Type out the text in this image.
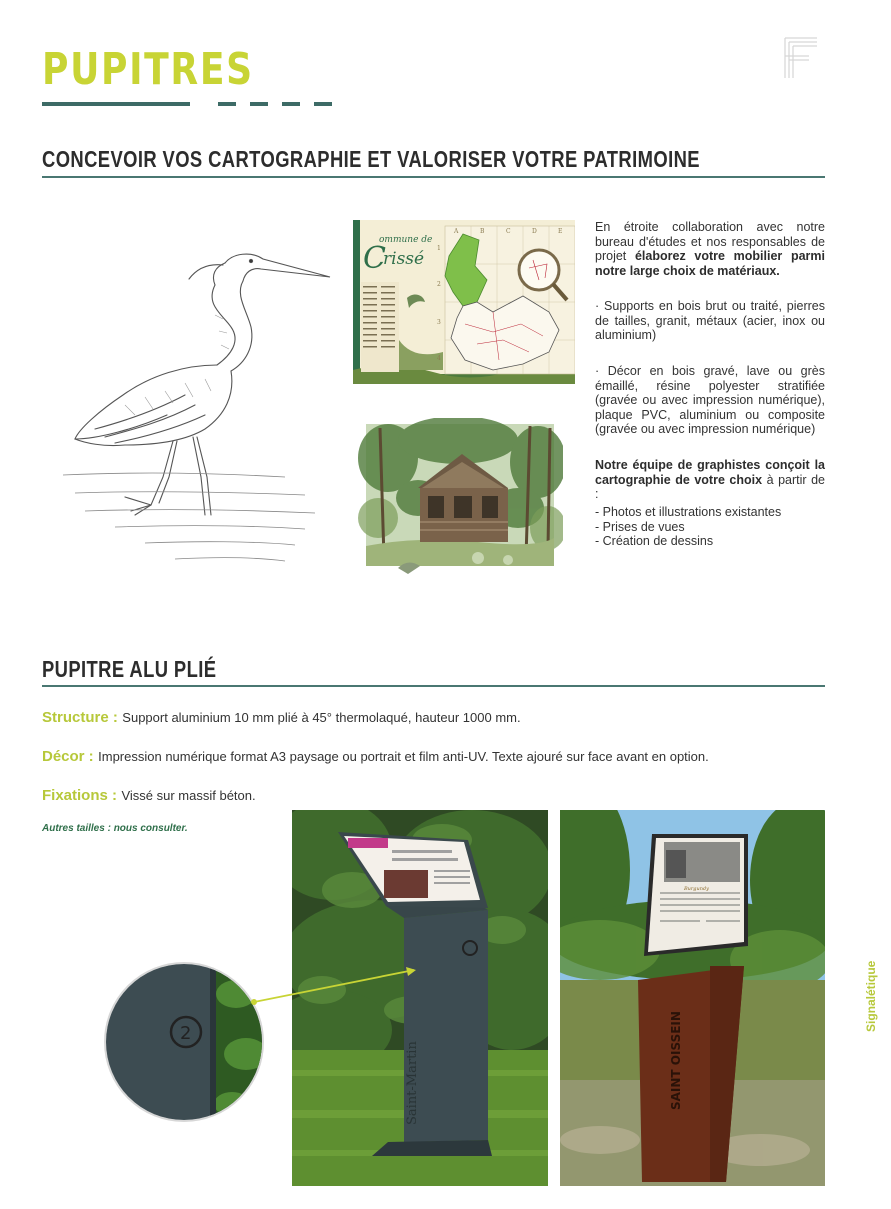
PUPITRES
CONCEVOIR VOS CARTOGRAPHIE ET VALORISER VOTRE PATRIMOINE
A	B	C	D	E
1
2
3
4
ommune de
C
rissé
En étroite collaboration avec notre bureau d'études et nos responsables de projet élaborez votre mobilier parmi notre large choix de matériaux.
· Supports en bois brut ou traité, pierres de tailles, granit, métaux (acier, inox ou aluminium)
· Décor en bois gravé, lave ou grès émaillé, résine polyester stratifiée (gravée ou avec impression numérique), plaque PVC, aluminium ou composite (gravée ou avec impression numérique)
Notre équipe de graphistes conçoit la cartographie de votre choix à partir de :
- Photos et illustrations existantes
- Prises de vues
- Création de dessins
PUPITRE ALU PLIÉ
Structure : Support aluminium 10 mm plié à 45° thermolaqué, hauteur 1000 mm.
Décor : Impression numérique format A3 paysage ou portrait et film anti-UV. Texte ajouré sur face avant en option.
Fixations : Vissé sur massif béton.
Autres tailles : nous consulter.
Saint-Martin
2
Burgundy
SAINT OISSEIN
Signalétique
